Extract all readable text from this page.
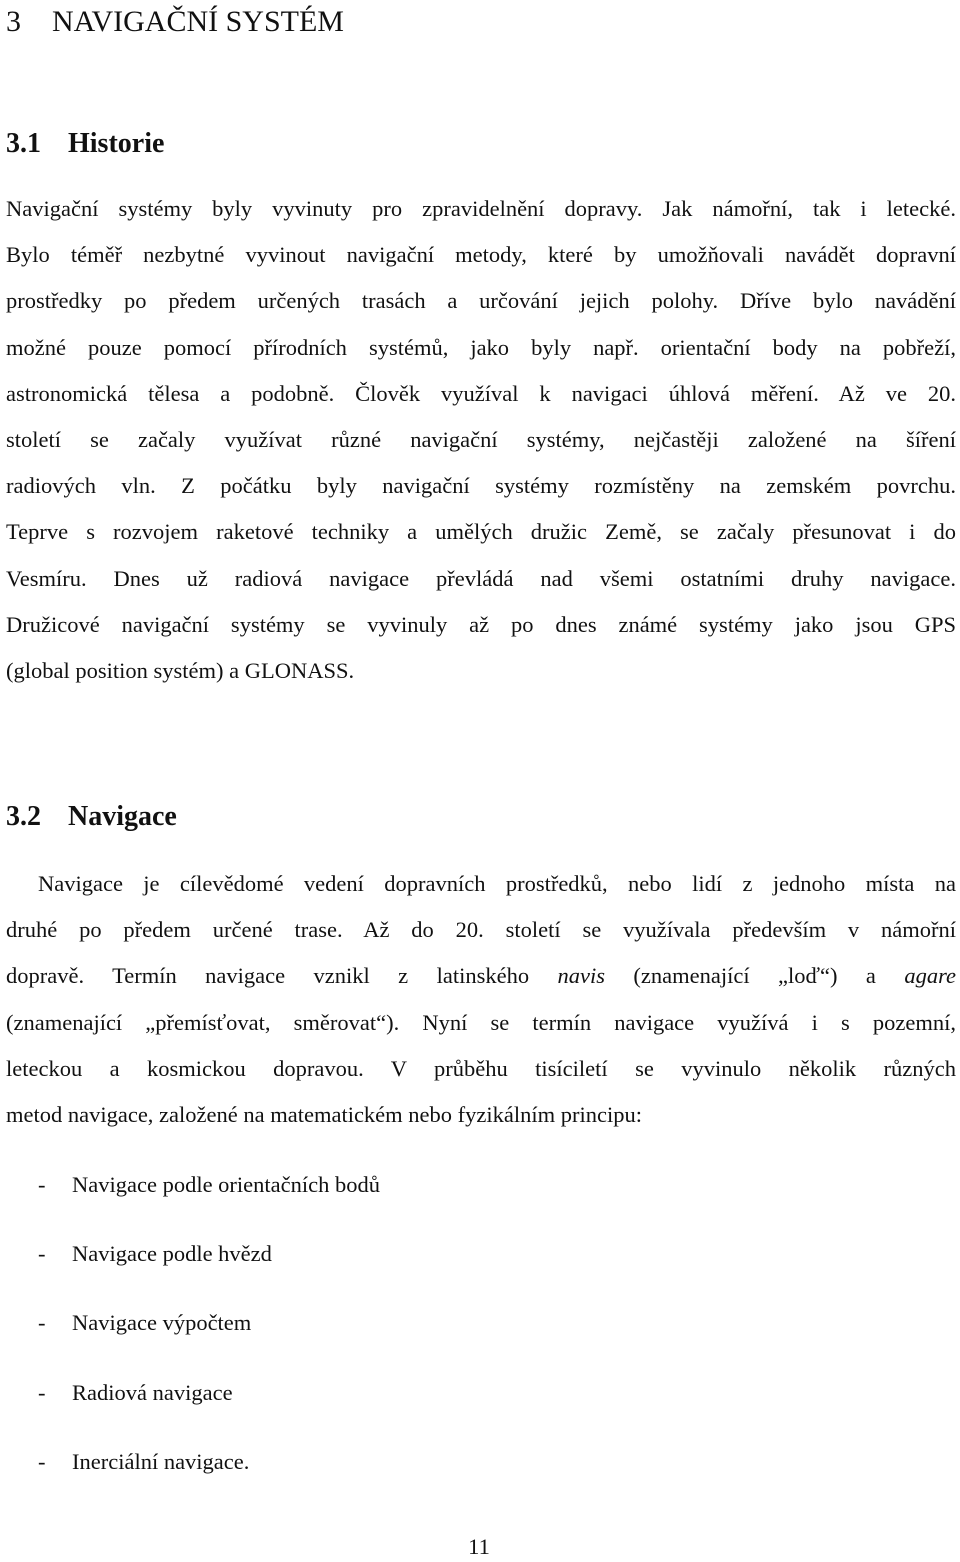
3 NAVIGAČNÍ SYSTÉM
3.1 Historie
Navigační systémy byly vyvinuty pro zpravidelnění dopravy. Jak námořní, tak i letecké.
Bylo téměř nezbytné vyvinout navigační metody, které by umožňovali navádět dopravní
prostředky po předem určených trasách a určování jejich polohy. Dříve bylo navádění
možné pouze pomocí přírodních systémů, jako byly např. orientační body na pobřeží,
astronomická tělesa a podobně. Člověk využíval k navigaci úhlová měření. Až ve 20.
století se začaly využívat různé navigační systémy, nejčastěji založené na šíření
radiových vln. Z počátku byly navigační systémy rozmístěny na zemském povrchu.
Teprve s rozvojem raketové techniky a umělých družic Země, se začaly přesunovat i do
Vesmíru. Dnes už radiová navigace převládá nad všemi ostatními druhy navigace.
Družicové navigační systémy se vyvinuly až po dnes známé systémy jako jsou GPS
(global position systém) a GLONASS.
3.2 Navigace
Navigace je cílevědomé vedení dopravních prostředků, nebo lidí z jednoho místa na
druhé po předem určené trase. Až do 20. století se využívala především v námořní
dopravě. Termín navigace vznikl z latinského navis (znamenající „loď“) a agare
(znamenající „přemísťovat, směrovat“). Nyní se termín navigace využívá i s pozemní,
leteckou a kosmickou dopravou. V průběhu tisíciletí se vyvinulo několik různých
metod navigace, založené na matematickém nebo fyzikálním principu:
- Navigace podle orientačních bodů
- Navigace podle hvězd
- Navigace výpočtem
- Radiová navigace
- Inerciální navigace.
11
